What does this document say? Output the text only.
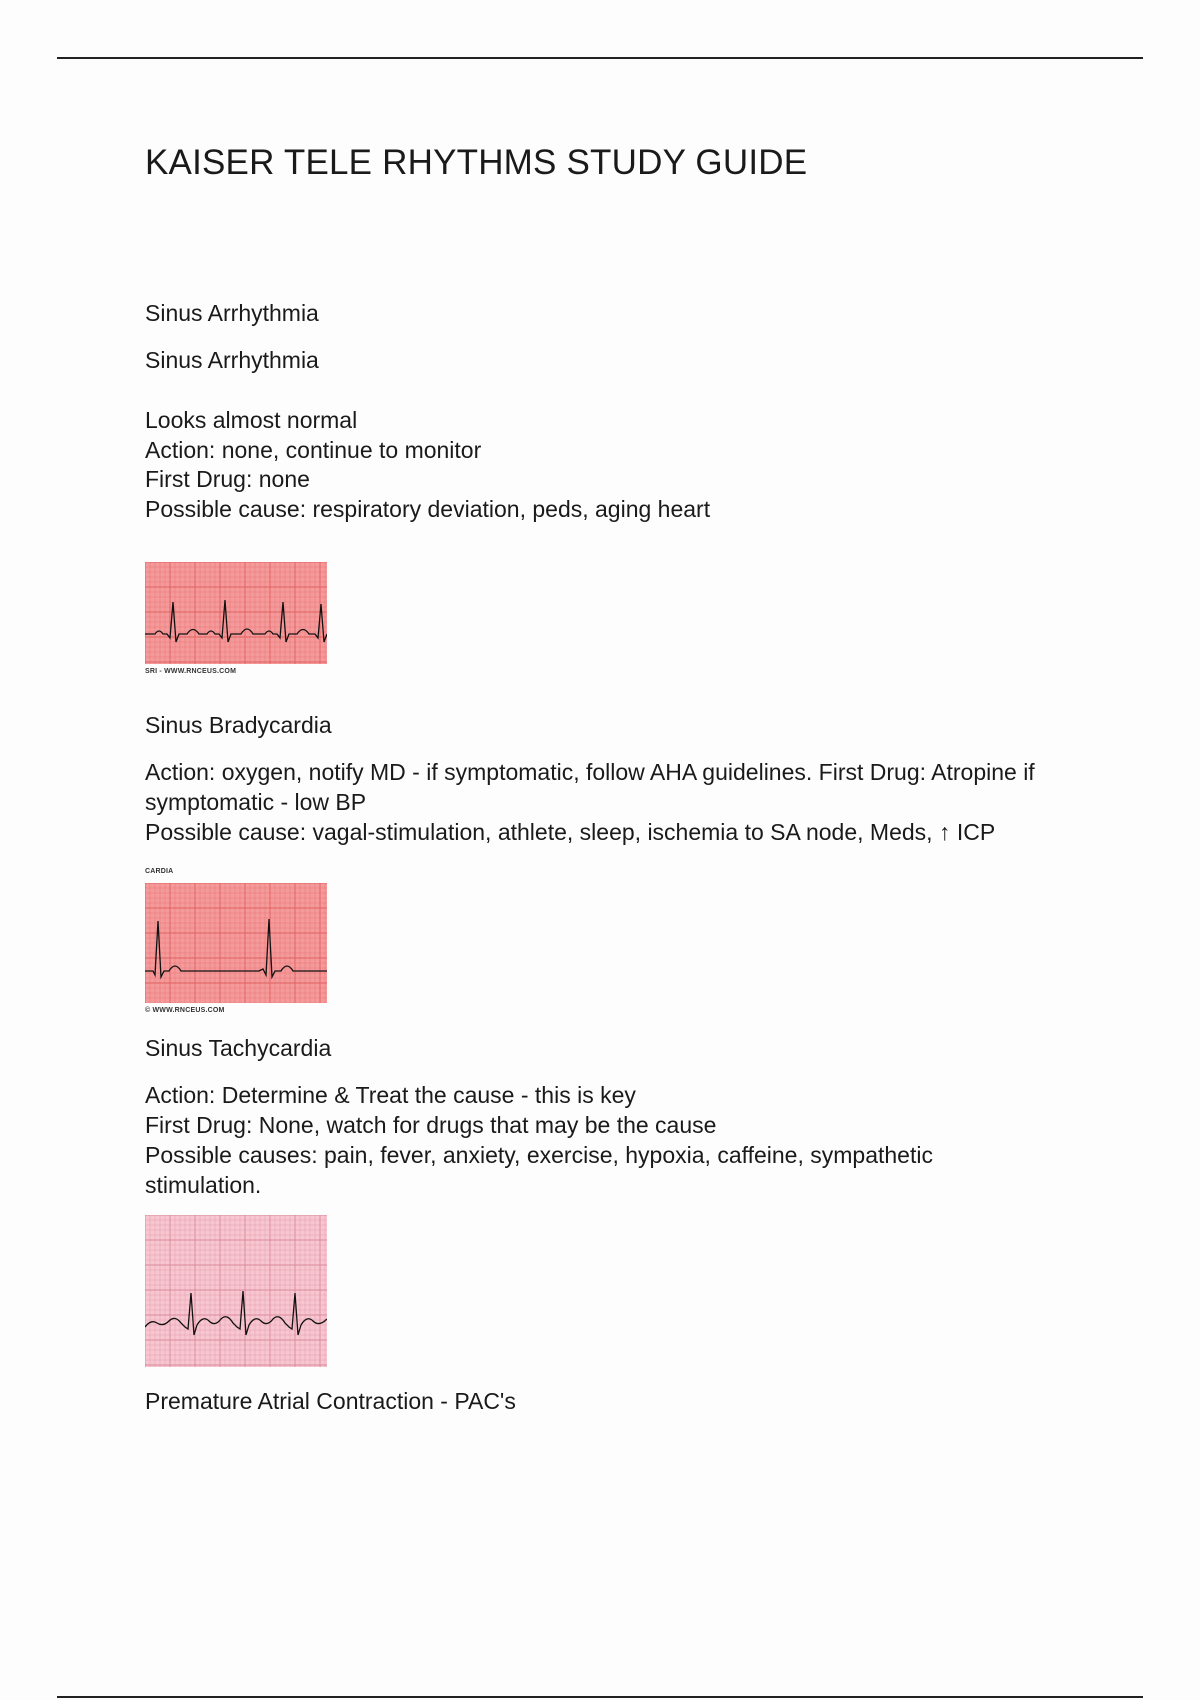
KAISER TELE RHYTHMS STUDY GUIDE

Sinus Arrhythmia

Sinus Arrhythmia

Looks almost normal

Action: none, continue to monitor

First Drug: none

Possible cause: respiratory deviation, peds, aging heart

SRI - WWW.RNCEUS.COM

Sinus Bradycardia

Action: oxygen, notify MD - if symptomatic, follow AHA guidelines. First Drug: Atropine if symptomatic - low BP

Possible cause: vagal-stimulation, athlete, sleep, ischemia to SA node, Meds, ↑ ICP

CARDIA
© WWW.RNCEUS.COM

Sinus Tachycardia

Action: Determine & Treat the cause - this is key

First Drug: None, watch for drugs that may be the cause

Possible causes: pain, fever, anxiety, exercise, hypoxia, caffeine, sympathetic stimulation.

Premature Atrial Contraction - PAC's
